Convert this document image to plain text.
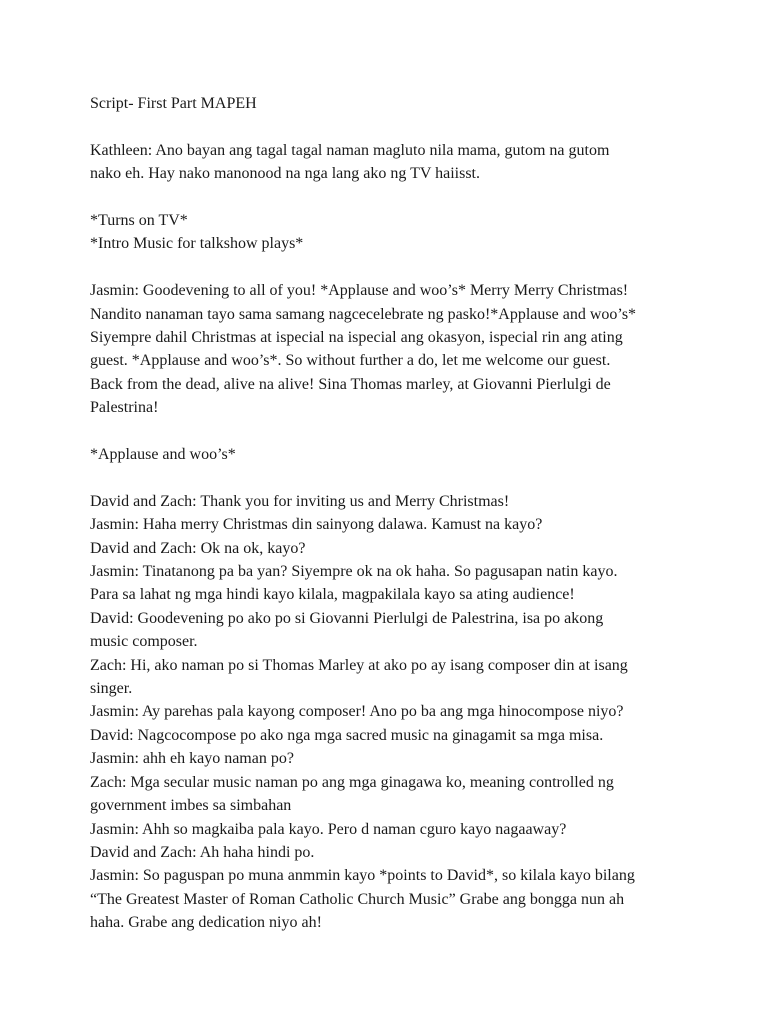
Script- First Part MAPEH

Kathleen: Ano bayan ang tagal tagal naman magluto nila mama, gutom na gutom
nako eh. Hay nako manonood na nga lang ako ng TV haiisst.

*Turns on TV*
*Intro Music for talkshow plays*

Jasmin: Goodevening to all of you! *Applause and woo’s* Merry Merry Christmas!
Nandito nanaman tayo sama samang nagcecelebrate ng pasko!*Applause and woo’s*
Siyempre dahil Christmas at ispecial na ispecial ang okasyon, ispecial rin ang ating
guest. *Applause and woo’s*. So without further a do, let me welcome our guest.
Back from the dead, alive na alive! Sina Thomas marley, at Giovanni Pierlulgi de
Palestrina!

*Applause and woo’s*

David and Zach: Thank you for inviting us and Merry Christmas!
Jasmin: Haha merry Christmas din sainyong dalawa. Kamust na kayo?
David and Zach: Ok na ok, kayo?
Jasmin: Tinatanong pa ba yan? Siyempre ok na ok haha. So pagusapan natin kayo.
Para sa lahat ng mga hindi kayo kilala, magpakilala kayo sa ating audience!
David: Goodevening po ako po si Giovanni Pierlulgi de Palestrina, isa po akong
music composer.
Zach: Hi, ako naman po si Thomas Marley at ako po ay isang composer din at isang
singer.
Jasmin: Ay parehas pala kayong composer! Ano po ba ang mga hinocompose niyo?
David: Nagcocompose po ako nga mga sacred music na ginagamit sa mga misa.
Jasmin: ahh eh kayo naman po?
Zach: Mga secular music naman po ang mga ginagawa ko, meaning controlled ng
government imbes sa simbahan
Jasmin: Ahh so magkaiba pala kayo. Pero d naman cguro kayo nagaaway?
David and Zach: Ah haha hindi po.
Jasmin: So paguspan po muna anmmin kayo *points to David*, so kilala kayo bilang
“The Greatest Master of Roman Catholic Church Music” Grabe ang bongga nun ah
haha. Grabe ang dedication niyo ah!
